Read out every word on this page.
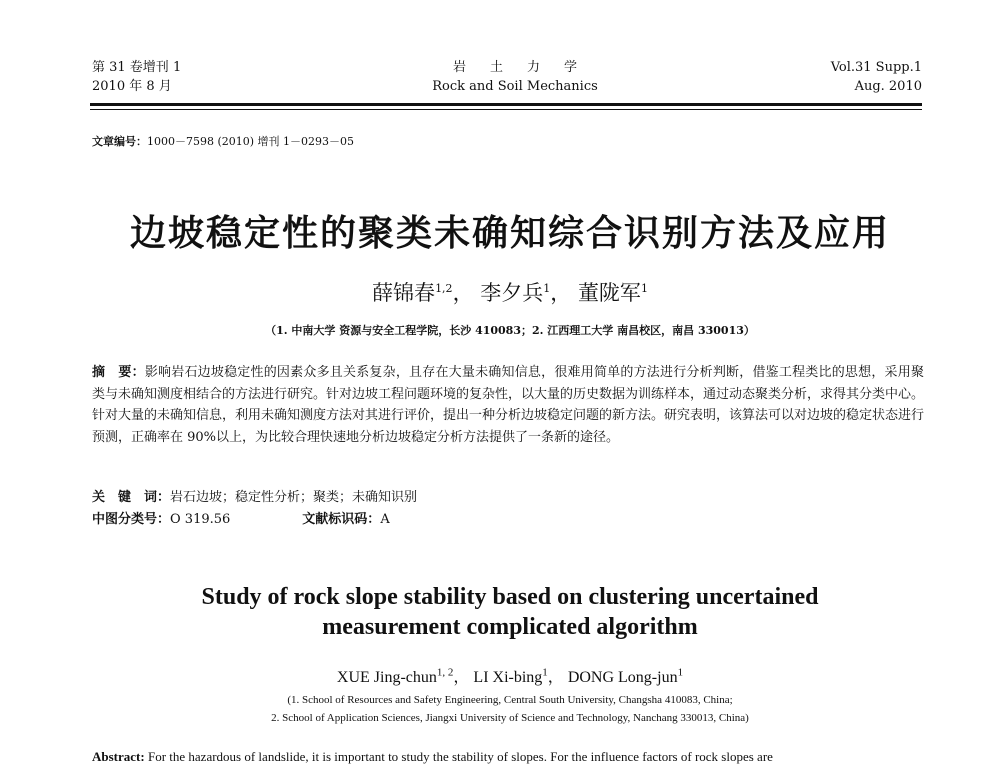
第 31 卷增刊 1
2010 年 8 月
岩土力学
Rock and Soil Mechanics
Vol.31 Supp.1
Aug. 2010
文章编号：1000－7598 (2010) 增刊 1－0293－05
边坡稳定性的聚类未确知综合识别方法及应用
薛锦春$^{1,2}$， 李夕兵$^1$， 董陇军$^1$
（1. 中南大学 资源与安全工程学院，长沙 410083；2. 江西理工大学 南昌校区，南昌 330013）
摘　要：影响岩石边坡稳定性的因素众多且关系复杂，且存在大量未确知信息，很难用简单的方法进行分析判断，借鉴工程类比的思想，采用聚类与未确知测度相结合的方法进行研究。针对边坡工程问题环境的复杂性，以大量的历史数据为训练样本，通过动态聚类分析，求得其分类中心。针对大量的未确知信息，利用未确知测度方法对其进行评价，提出一种分析边坡稳定问题的新方法。研究表明，该算法可以对边坡的稳定状态进行预测，正确率在 90%以上，为比较合理快速地分析边坡稳定分析方法提供了一条新的途径。
关　键　词：岩石边坡；稳定性分析；聚类；未确知识别
中图分类号：O 319.56	文献标识码：A
Study of rock slope stability based on clustering uncertained
measurement complicated algorithm
XUE Jing-chun$^{1, 2}$， LI Xi-bing$^1$， DONG Long-jun$^1$
(1. School of Resources and Safety Engineering, Central South University, Changsha 410083, China;
2. School of Application Sciences, Jiangxi University of Science and Technology, Nanchang 330013, China)
Abstract: For the hazardous of landslide, it is important to study the stability of slopes. For the influence factors of rock slopes are
